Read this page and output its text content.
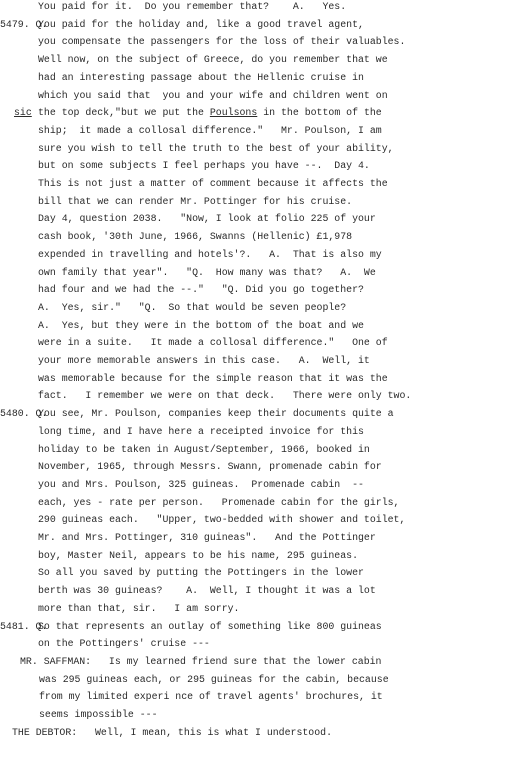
You paid for it.  Do you remember that?    A.   Yes.
5479. Q.
You paid for the holiday and, like a good travel agent,
you compensate the passengers for the loss of their valuables.
Well now, on the subject of Greece, do you remember that we
had an interesting passage about the Hellenic cruise in
which you said that  you and your wife and children went on
the top deck,"but we put the Poulsons in the bottom of the
ship;  it made a collosal difference."   Mr. Poulson, I am
sure you wish to tell the truth to the best of your ability,
but on some subjects I feel perhaps you have --.  Day 4.
This is not just a matter of comment because it affects the
bill that we can render Mr. Pottinger for his cruise.
Day 4, question 2038.   "Now, I look at folio 225 of your
cash book, '30th June, 1966, Swanns (Hellenic) £1,978
expended in travelling and hotels'?.   A.  That is also my
own family that year".   "Q.  How many was that?   A.  We
had four and we had the --."   "Q. Did you go together?
A.  Yes, sir."   "Q.  So that would be seven people?
A.  Yes, but they were in the bottom of the boat and we
were in a suite.   It made a collosal difference."   One of
your more memorable answers in this case.   A.  Well, it
was memorable because for the simple reason that it was the
fact.   I remember we were on that deck.   There were only two.
5480. Q.
You see, Mr. Poulson, companies keep their documents quite a
long time, and I have here a receipted invoice for this
holiday to be taken in August/September, 1966, booked in
November, 1965, through Messrs. Swann, promenade cabin for
you and Mrs. Poulson, 325 guineas.  Promenade cabin  --
each, yes - rate per person.   Promenade cabin for the girls,
290 guineas each.   "Upper, two-bedded with shower and toilet,
Mr. and Mrs. Pottinger, 310 guineas".   And the Pottinger
boy, Master Neil, appears to be his name, 295 guineas.
So all you saved by putting the Pottingers in the lower
berth was 30 guineas?    A.  Well, I thought it was a lot
more than that, sir.   I am sorry.
5481. Q.
So that represents an outlay of something like 800 guineas
on the Pottingers' cruise ---
MR. SAFFMAN:   Is my learned friend sure that the lower cabin
was 295 guineas each, or 295 guineas for the cabin, because
from my limited experi nce of travel agents' brochures, it
seems impossible ---
THE DEBTOR:   Well, I mean, this is what I understood.
sic
